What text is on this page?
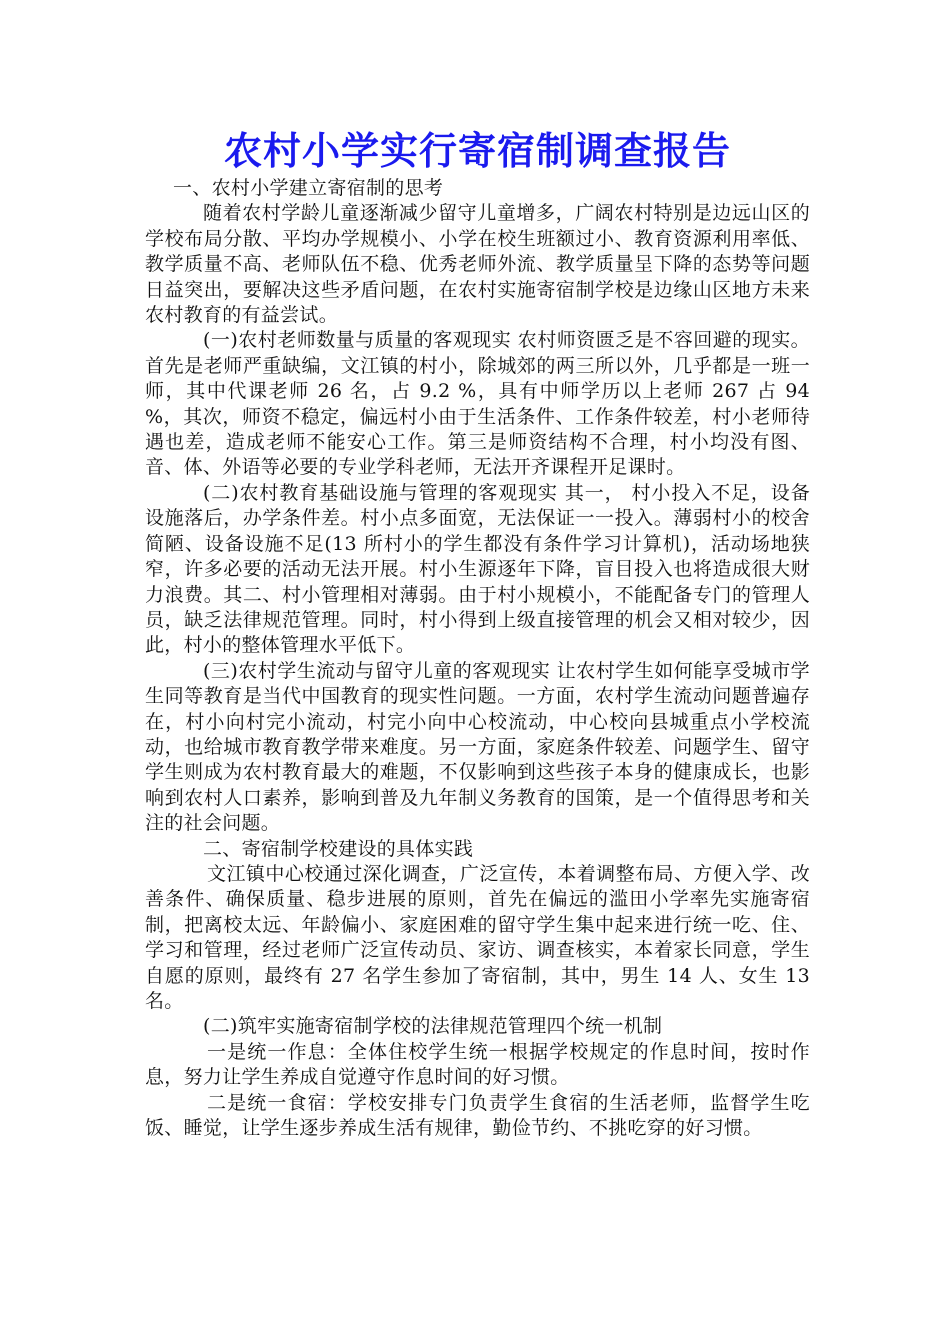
农村小学实行寄宿制调查报告

一、农村小学建立寄宿制的思考

随着农村学龄儿童逐渐减少留守儿童增多，广阔农村特别是边远山区的学校布局分散、平均办学规模小、小学在校生班额过小、教育资源利用率低、教学质量不高、老师队伍不稳、优秀老师外流、教学质量呈下降的态势等问题日益突出，要解决这些矛盾问题，在农村实施寄宿制学校是边缘山区地方未来农村教育的有益尝试。

(一)农村老师数量与质量的客观现实 农村师资匮乏是不容回避的现实。首先是老师严重缺编，文江镇的村小，除城郊的两三所以外，几乎都是一班一师，其中代课老师 26 名，占 9.2 %，具有中师学历以上老师 267 占 94 %，其次，师资不稳定，偏远村小由于生活条件、工作条件较差，村小老师待遇也差，造成老师不能安心工作。第三是师资结构不合理，村小均没有图、音、体、外语等必要的专业学科老师，无法开齐课程开足课时。

(二)农村教育基础设施与管理的客观现实 其一， 村小投入不足，设备设施落后，办学条件差。村小点多面宽，无法保证一一投入。薄弱村小的校舍简陋、设备设施不足(13 所村小的学生都没有条件学习计算机)，活动场地狭窄，许多必要的活动无法开展。村小生源逐年下降，盲目投入也将造成很大财力浪费。其二、村小管理相对薄弱。由于村小规模小，不能配备专门的管理人员，缺乏法律规范管理。同时，村小得到上级直接管理的机会又相对较少，因此，村小的整体管理水平低下。

(三)农村学生流动与留守儿童的客观现实 让农村学生如何能享受城市学生同等教育是当代中国教育的现实性问题。一方面，农村学生流动问题普遍存在，村小向村完小流动，村完小向中心校流动，中心校向县城重点小学校流动，也给城市教育教学带来难度。另一方面，家庭条件较差、问题学生、留守学生则成为农村教育最大的难题，不仅影响到这些孩子本身的健康成长，也影响到农村人口素养，影响到普及九年制义务教育的国策，是一个值得思考和关注的社会问题。

二、寄宿制学校建设的具体实践

文江镇中心校通过深化调查，广泛宣传，本着调整布局、方便入学、改善条件、确保质量、稳步进展的原则，首先在偏远的滥田小学率先实施寄宿制，把离校太远、年龄偏小、家庭困难的留守学生集中起来进行统一吃、住、学习和管理，经过老师广泛宣传动员、家访、调查核实，本着家长同意，学生自愿的原则，最终有 27 名学生参加了寄宿制，其中，男生 14 人、女生 13 名。

(二)筑牢实施寄宿制学校的法律规范管理四个统一机制

一是统一作息：全体住校学生统一根据学校规定的作息时间，按时作息，努力让学生养成自觉遵守作息时间的好习惯。

二是统一食宿：学校安排专门负责学生食宿的生活老师，监督学生吃饭、睡觉，让学生逐步养成生活有规律，勤俭节约、不挑吃穿的好习惯。
